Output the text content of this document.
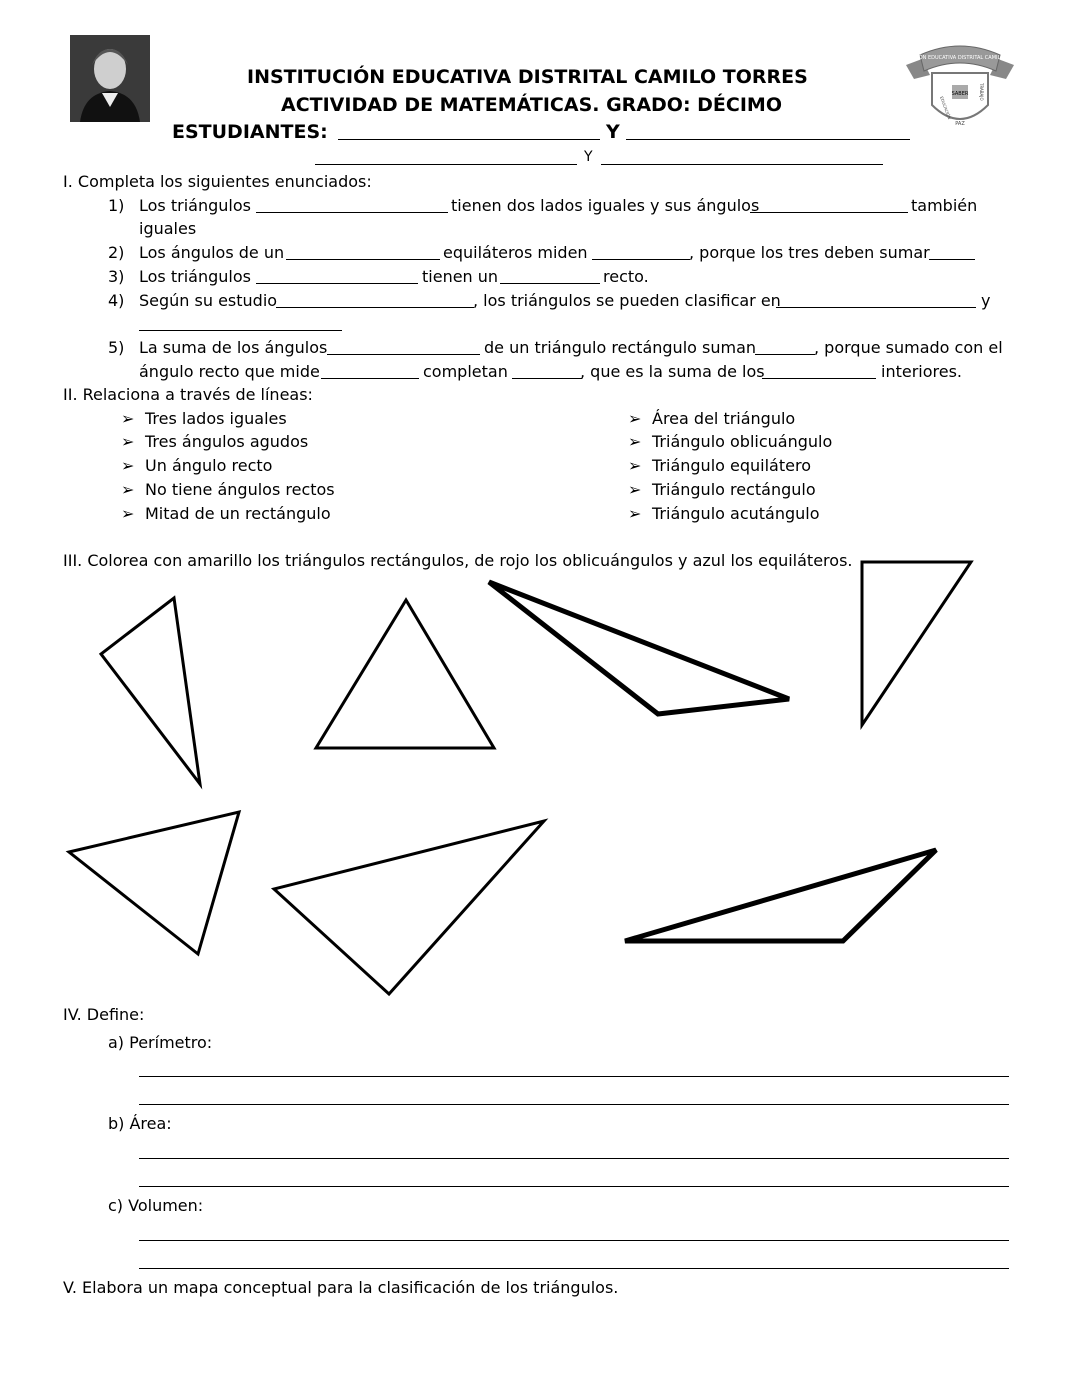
INSTITUCIÓN EDUCATIVA DISTRITAL CAMILO TORRES
ACTIVIDAD DE MATEMÁTICAS. GRADO: DÉCIMO
ESTUDIANTES:	Y
Y
INSTITUCIÓN EDUCATIVA DISTRITAL CAMILO TORRES
SABER
EDUCACIÓN
TRABAJO
PAZ
I. Completa los siguientes enunciados:
1) Los triángulos	tienen dos lados iguales y sus ángulos	también
iguales
2) Los ángulos de un	equiláteros miden	, porque los tres deben sumar
3) Los triángulos	tienen un	recto.
4) Según su estudio	, los triángulos se pueden clasificar en	y
5) La suma de los ángulos	de un triángulo rectángulo suman	, porque sumado con el
ángulo recto que mide	completan	, que es la suma de los	interiores.
II. Relaciona a través de líneas:
➢ Tres lados iguales
➢ Tres ángulos agudos
➢ Un ángulo recto
➢ No tiene ángulos rectos
➢ Mitad de un rectángulo
➢ Área del triángulo
➢ Triángulo oblicuángulo
➢ Triángulo equilátero
➢ Triángulo rectángulo
➢ Triángulo acutángulo
III. Colorea con amarillo los triángulos rectángulos, de rojo los oblicuángulos y azul los equiláteros.
IV. Define:
a) Perímetro:
b) Área:
c) Volumen:
V. Elabora un mapa conceptual para la clasificación de los triángulos.
